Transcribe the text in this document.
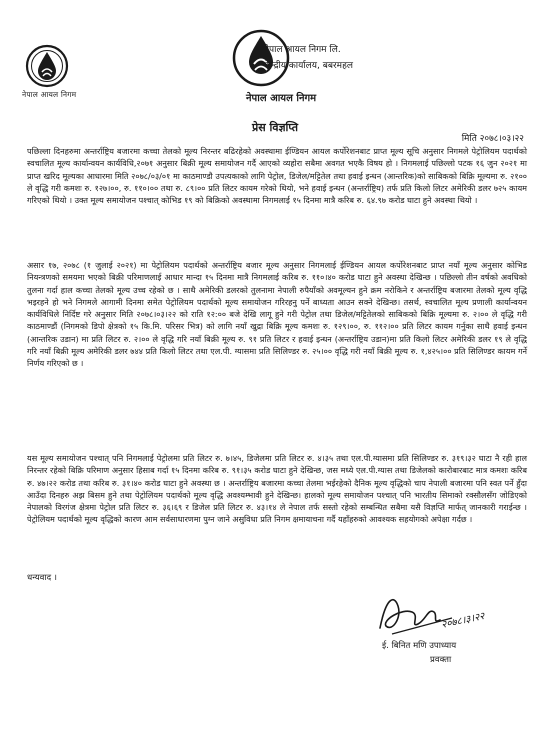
नेपाल आयल निगम
नेपाल आयल निगम लि.
केन्द्रीय कार्यालय, बबरमहल
नेपाल आयल निगम
प्रेस विज्ञप्ति
मिति २०७८।०३।२२

पछिल्ला दिनहरुमा अन्तर्राष्ट्रिय बजारमा कच्चा तेलको मूल्य निरन्तर बढिरहेको अवस्थामा ईण्डियन आयल कर्पोरेशनबाट प्राप्त मूल्य सूचि अनुसार निगमले पेट्रोलियम पदार्थको स्वचालित मूल्य कार्यान्वयन कार्यविधि,२०७१ अनुसार बिक्री मूल्य समायोजन गर्दै आएको व्यहोरा सबैमा अवगत भएकै विषय हो । निगमलाई पछिल्लो पटक १६ जुन २०२१ मा प्राप्त खरिद मूल्यका आधारमा मिति २०७८/०३/०१ मा काठमाण्डौ उपत्यकाको लागि पेट्रोल, डिजेल/मट्टितेल तथा हवाई इन्धन (आन्तरिक)को साबिकको बिक्रि मूल्यमा रु. २१०० ले वृद्धि गरी कमशः रु. १२७।००, रु. ११०।०० तथा रु. ८९।०० प्रति लिटर कायम गरेको थियो, भने हवाई इन्धन (अन्तर्राष्ट्रिय) तर्फ प्रति किलो लिटर अमेरिकी डलर ७२५ कायम गरिएको थियो । उक्त मूल्य समायोजन पश्चात् कोभिड १९ को बिक्रिको अवस्थामा निगमलाई १५ दिनमा मात्रै करिब रु. ६४.९७ करोड घाटा हुने अवस्था थियो ।

असार १७, २०७८ (१ जुलाई २०२१) मा पेट्रोलियम पदार्थको अन्तर्राष्ट्रिय बजार मूल्य अनुसार निगमलाई ईण्डियन आयल कर्पोरेशनबाट प्राप्त नयाँ मूल्य अनुसार कोभिड नियन्त्रणको समयमा भएको बिक्री परिमाणलाई आधार मान्दा १५ दिनमा मात्रै निगमलाई करिब रु. ११०।४० करोड घाटा हुने अवस्था देखिन्छ । पछिल्लो तीन वर्षको अवधिको तुलना गर्दा हाल कच्चा तेलको मूल्य उच्च रहेको छ । साथै अमेरिकी डलरको तुलनामा नेपाली रुपैयाँको अवमूल्यन हुने क्रम नरोकिने र अन्तर्राष्ट्रिय बजारमा तेलको मूल्य वृद्धि भइरहने हो भने निगमले आगामी दिनमा समेत पेट्रोलियम पदार्थको मूल्य समायोजन गरिरहनु पर्ने बाध्यता आउन सक्ने देखिन्छ। तसर्थ, स्वचालित मूल्य प्रणाली कार्यान्वयन कार्यविधिले निर्दिष्ट गरे अनुसार मिति २०७८।०३।२२ को राति १२:०० बजे देखि लागू हुने गरी पेट्रोल तथा डिजेल/मट्टितेलको साबिकको बिक्रि मूल्यमा रु. २।०० ले वृद्धि गरी काठमाण्डौं (निगमको डिपो क्षेत्रको १५ कि.मि. परिसर भित्र) को लागि नयाँ खुद्रा बिक्रि मूल्य कमशः रु. १२९।००, रु. ११२।०० प्रति लिटर कायम गर्नुका साथै हवाई इन्धन (आन्तरिक उडान) मा प्रति लिटर रु. २।०० ले वृद्धि गरि नयाँ बिक्री मूल्य रु. ९१ प्रति लिटर र हवाई इन्धन (अन्तर्राष्ट्रिय उडान)मा प्रति किलो लिटर अमेरिकी डलर १९ ले वृद्धि गरि नयाँ बिक्री मूल्य अमेरिकी डलर ७४४ प्रति किलो लिटर तथा एल.पी. ग्यासमा प्रति सिलिण्डर रु. २५।०० वृद्धि गरी नयाँ बिक्री मूल्य रु. १,४२५।०० प्रति सिलिण्डर कायम गर्ने निर्णय गरिएको छ ।

यस मूल्य समायोजन पश्चात् पनि निगमलाई पेट्रोलमा प्रति लिटर रु. ७।४५, डिजेलमा प्रति लिटर रु. ४।३५ तथा एल.पी.ग्यासमा प्रति सिलिण्डर रु. ३१९।३२ घाटा नै रही हाल निरन्तर रहेको बिक्रि परिमाण अनुसार हिसाब गर्दा १५ दिनमा करिब रु. ९१।३५ करोड घाटा हुने देखिन्छ, जस मध्ये एल.पी.ग्यास तथा डिजेलको कारोबारबाट मात्र कमशः करिब रु. ४७।२२ करोड तथा करिब रु. ३१।४० करोड घाटा हुने अवस्था छ । अन्तर्राष्ट्रिय बजारमा कच्चा तेलमा भईरहेको दैनिक मूल्य वृद्धिको चाप नेपाली बजारमा पनि स्वत पर्ने हुँदा आउँदा दिनहरु अझ बिसम हुने तथा पेट्रोलियम पदार्थको मूल्य वृद्धि अवश्यम्भावी हुने देखिन्छ। हालको मूल्य समायोजन पश्चात् पनि भारतीय सिमाको रक्सौलसँग जोडिएको नेपालको विरगंज क्षेत्रमा पेट्रोल प्रति लिटर रु. ३६।६९ र डिजेल प्रति लिटर रु. ४३।१४ ले नेपाल तर्फ सस्तो रहेको सम्बन्धित सबैमा यसै विज्ञप्ति मार्फत् जानकारी गराईन्छ । पेट्रोलियम पदार्थको मूल्य वृद्धिको कारण आम सर्वसाधारणमा पुग्न जाने असुविधा प्रति निगम क्षमायाचना गर्दै यहाँहरुको आवश्यक सहयोगको अपेक्षा गर्दछ ।

धन्यवाद ।
२०७८।३।२२
ई. बिनित मणि उपाध्याय
प्रवक्ता
